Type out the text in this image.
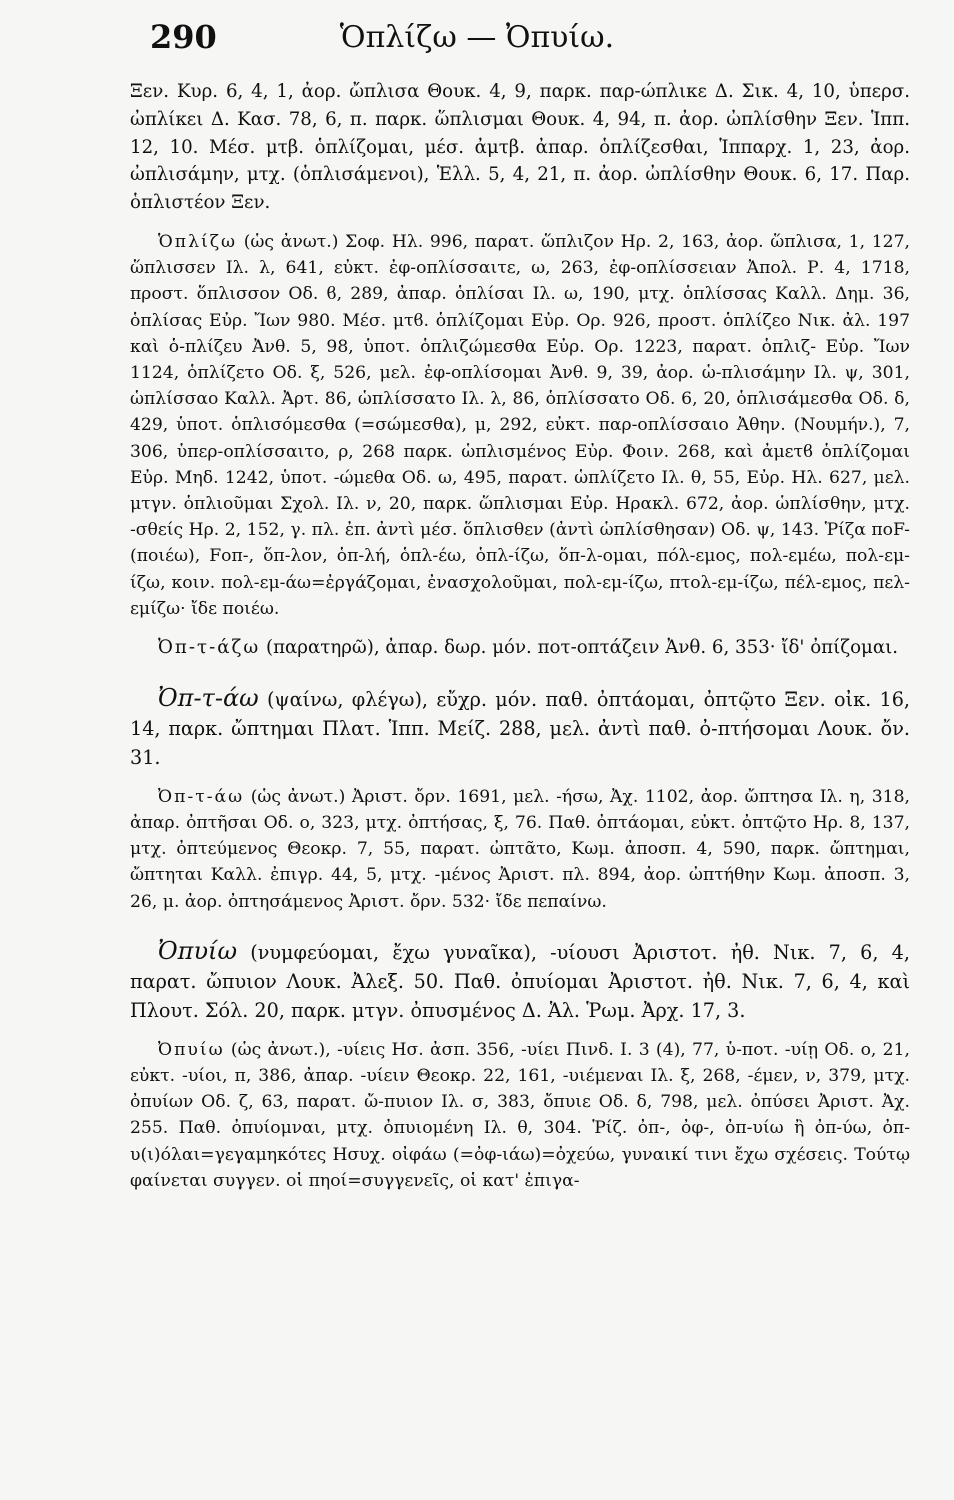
290	Ὁπλίζω — Ὀπυίω.

Ξεν. Κυρ. 6, 4, 1, ἀορ. ὤπλισα Θουκ. 4, 9, παρκ. παρ-ώπλικε Δ. Σικ. 4, 10, ὑπερσ. ὠπλίκει Δ. Κασ. 78, 6, π. παρκ. ὥπλισμαι Θουκ. 4, 94, π. ἀορ. ὠπλίσθην Ξεν. Ἱππ. 12, 10. Μέσ. μτβ. ὁπλίζομαι, μέσ. ἀμτβ. ἀπαρ. ὁπλίζεσθαι, Ἱππαρχ. 1, 23, ἀορ. ὠπλισάμην, μτχ. (ὁπλισάμενοι), Ἑλλ. 5, 4, 21, π. ἀορ. ὠπλίσθην Θουκ. 6, 17. Παρ. ὁπλιστέον Ξεν.

Ὁπλίζω (ὡς ἀνωτ.) Σοφ. Ηλ. 996, παρατ. ὥπλιζον Ηρ. 2, 163, ἀορ. ὥπλισα, 1, 127, ὥπλισσεν Ιλ. λ, 641, εὐκτ. ἐφ-οπλίσσαιτε, ω, 263, ἐφ-οπλίσσειαν Ἀπολ. Ρ. 4, 1718, προστ. ὅπλισσον Οδ. ϐ, 289, ἀπαρ. ὁπλίσαι Ιλ. ω, 190, μτχ. ὁπλίσσας Καλλ. Δημ. 36, ὁπλίσας Εὐρ. Ἴων 980. Μέσ. μτϐ. ὁπλίζομαι Εὐρ. Ορ. 926, προστ. ὁπλίζεο Νικ. ἀλ. 197 καὶ ὁ-πλίζευ Ἀνθ. 5, 98, ὑποτ. ὁπλιζώμεσθα Εὐρ. Ορ. 1223, παρατ. ὁπλιζ- Εὐρ. Ἴων 1124, ὁπλίζετο Οδ. ξ, 526, μελ. ἐφ-οπλίσομαι Ἀνθ. 9, 39, ἀορ. ὡ-πλισάμην Ιλ. ψ, 301, ὡπλίσσαο Καλλ. Ἀρτ. 86, ὡπλίσσατο Ιλ. λ, 86, ὁπλίσσατο Οδ. 6, 20, ὁπλισάμεσθα Οδ. δ, 429, ὑποτ. ὁπλισόμεσθα (=σώμεσθα), μ, 292, εὐκτ. παρ-οπλίσσαιο Ἀθην. (Νουμήν.), 7, 306, ὑπερ-οπλίσσαιτο, ρ, 268 παρκ. ὡπλισμένος Εὐρ. Φοιν. 268, καὶ ἀμετϐ ὁπλίζομαι Εὐρ. Μηδ. 1242, ὑποτ. -ώμεθα Οδ. ω, 495, παρατ. ὡπλίζετο Ιλ. θ, 55, Εὐρ. Ηλ. 627, μελ. μτγν. ὁπλιοῦμαι Σχολ. Ιλ. ν, 20, παρκ. ὥπλισμαι Εὐρ. Ηρακλ. 672, ἀορ. ὡπλίσθην, μτχ. -σθείς Ηρ. 2, 152, γ. πλ. ἐπ. ἀντὶ μέσ. ὅπλισθεν (ἀντὶ ὡπλίσθησαν) Οδ. ψ, 143. Ῥίζα ποF- (ποιέω), Fοπ-, ὅπ-λον, ὁπ-λή, ὁπλ-έω, ὁπλ-ίζω, ὅπ-λ-ομαι, πόλ-εμος, πολ-εμέω, πολ-εμ-ίζω, κοιν. πολ-εμ-άω=ἐργάζομαι, ἐνασχολοῦμαι, πολ-εμ-ίζω, πτολ-εμ-ίζω, πέλ-εμος, πελ-εμίζω· ἴδε ποιέω.

Ὀπ-τ-άζω (παρατηρῶ), ἀπαρ. δωρ. μόν. ποτ-οπτάζειν Ἀνθ. 6, 353· ἴδ' ὀπίζομαι.

Ὀπ-τ-άω (ψαίνω, φλέγω), εὔχρ. μόν. παθ. ὀπτάομαι, ὀπτῷτο Ξεν. οἰκ. 16, 14, παρκ. ὤπτημαι Πλατ. Ἱππ. Μείζ. 288, μελ. ἀντὶ παθ. ὀ-πτήσομαι Λουκ. ὄν. 31.

Ὀπ-τ-άω (ὡς ἀνωτ.) Ἀριστ. ὄρν. 1691, μελ. -ήσω, Ἀχ. 1102, ἀορ. ὤπτησα Ιλ. η, 318, ἀπαρ. ὀπτῆσαι Οδ. ο, 323, μτχ. ὀπτήσας, ξ, 76. Παθ. ὀπτάομαι, εὐκτ. ὀπτῷτο Ηρ. 8, 137, μτχ. ὀπτεύμενος Θεοκρ. 7, 55, παρατ. ὠπτᾶτο, Κωμ. ἀποσπ. 4, 590, παρκ. ὤπτημαι, ὤπτηται Καλλ. ἐπιγρ. 44, 5, μτχ. -μένος Ἀριστ. πλ. 894, ἀορ. ὠπτήθην Κωμ. ἀποσπ. 3, 26, μ. ἀορ. ὀπτησάμενος Ἀριστ. ὄρν. 532· ἴδε πεπαίνω.

Ὀπυίω (νυμφεύομαι, ἔχω γυναῖκα), -υίουσι Ἀριστοτ. ἠθ. Νικ. 7, 6, 4, παρατ. ὤπυιον Λουκ. Ἀλεξ. 50. Παθ. ὀπυίομαι Ἀριστοτ. ἠθ. Νικ. 7, 6, 4, καὶ Πλουτ. Σόλ. 20, παρκ. μτγν. ὀπυσμένος Δ. Ἁλ. Ῥωμ. Ἀρχ. 17, 3.

Ὀπυίω (ὡς ἀνωτ.), -υίεις Ησ. ἀσπ. 356, -υίει Πινδ. Ι. 3 (4), 77, ὑ-ποτ. -υίῃ Οδ. ο, 21, εὐκτ. -υίοι, π, 386, ἀπαρ. -υίειν Θεοκρ. 22, 161, -υιέμεναι Ιλ. ξ, 268, -έμεν, ν, 379, μτχ. ὀπυίων Οδ. ζ, 63, παρατ. ὤ-πυιον Ιλ. σ, 383, ὄπυιε Οδ. δ, 798, μελ. ὀπύσει Ἀριστ. Ἀχ. 255. Παθ. ὀπυίομναι, μτχ. ὀπυιομένη Ιλ. θ, 304. Ῥίζ. ὀπ-, ὀφ-, ὀπ-υίω ἢ ὀπ-ύω, ὀπ-υ(ι)όλαι=γεγαμηκότες Ησυχ. οἰφάω (=ὀφ-ιάω)=ὀχεύω, γυναικί τινι ἔχω σχέσεις. Τούτῳ φαίνεται συγγεν. οἱ πηοί=συγγενεῖς, οἱ κατ' ἐπιγα-
